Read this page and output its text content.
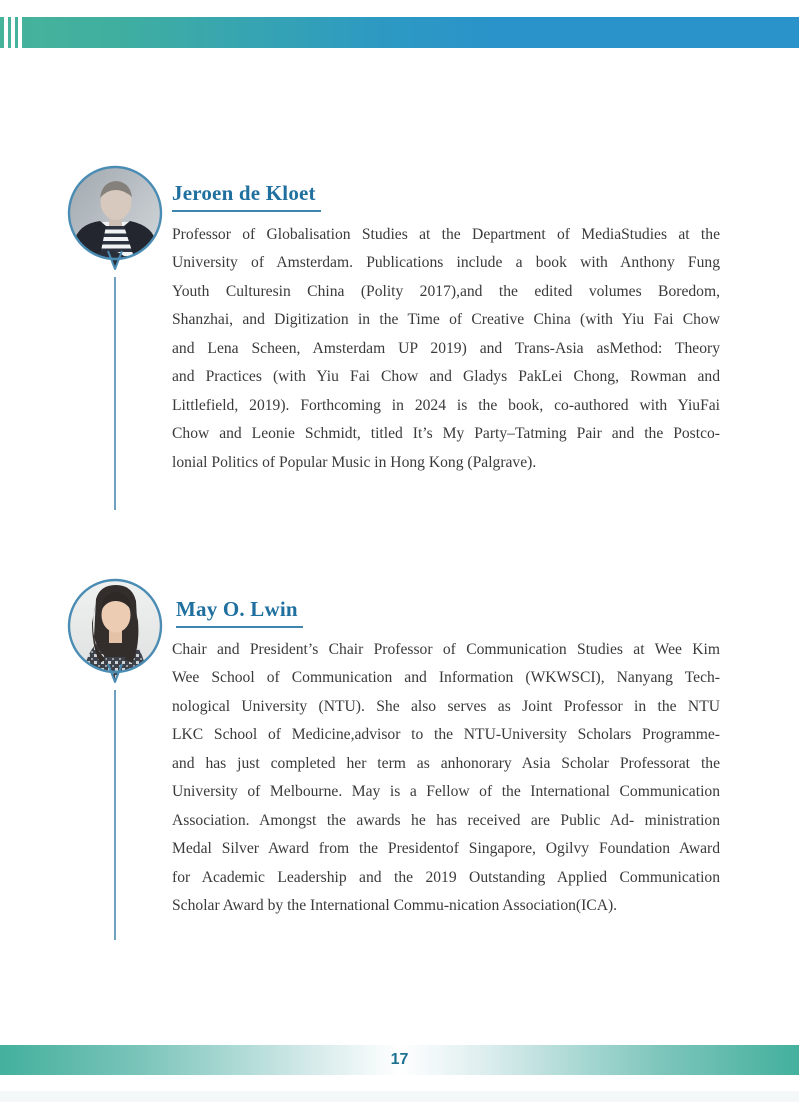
Jeroen de Kloet
Professor of Globalisation Studies at the Department of MediaStudies at the
University of Amsterdam. Publications include a book with Anthony Fung
Youth Culturesin China (Polity 2017),and the edited volumes Boredom,
Shanzhai, and Digitization in the Time of Creative China (with Yiu Fai Chow
and Lena Scheen, Amsterdam UP 2019) and Trans-Asia asMethod: Theory
and Practices (with Yiu Fai Chow and Gladys PakLei Chong, Rowman and
Littlefield, 2019). Forthcoming in 2024 is the book, co-authored with YiuFai
Chow and Leonie Schmidt, titled It’s My Party–Tatming Pair and the Postco-
lonial Politics of Popular Music in Hong Kong (Palgrave).
May O. Lwin
Chair and President’s Chair Professor of Communication Studies at Wee Kim
Wee School of Communication and Information (WKWSCI), Nanyang Tech-
nological University (NTU). She also serves as Joint Professor in the NTU
LKC School of Medicine,advisor to the NTU-University Scholars Programme-
and has just completed her term as anhonorary Asia Scholar Professorat the
University of Melbourne. May is a Fellow of the International Communication
Association. Amongst the awards he has received are Public Ad- ministration
Medal Silver Award from the Presidentof Singapore, Ogilvy Foundation Award
for Academic Leadership and the 2019 Outstanding Applied Communication
Scholar Award by the International Commu-nication Association(ICA).
17
